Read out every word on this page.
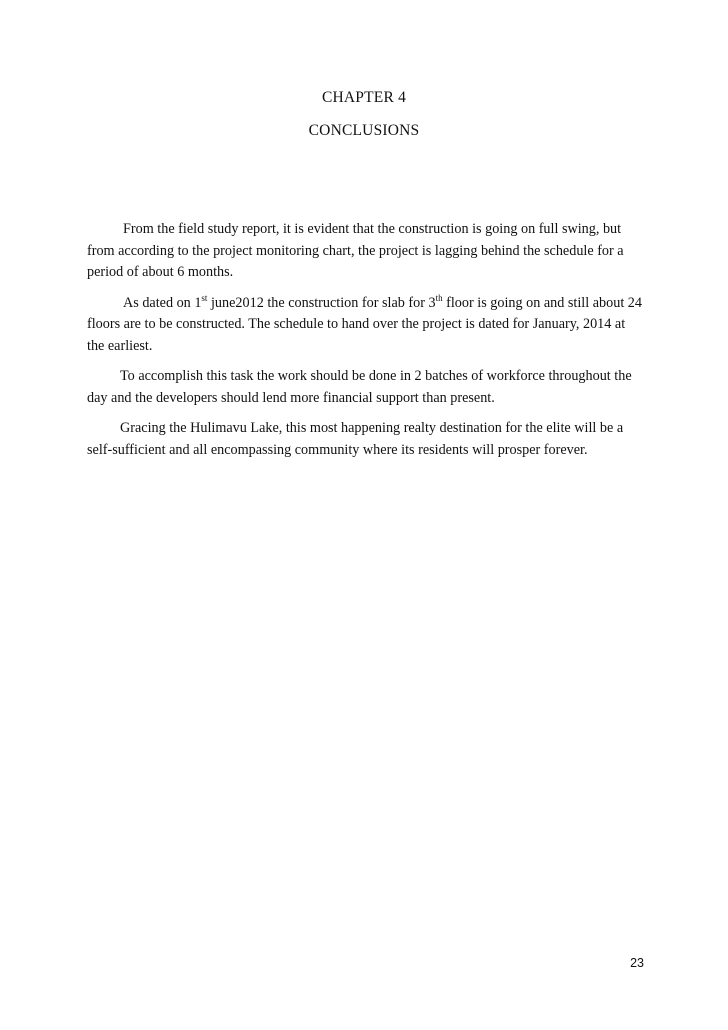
CHAPTER 4
CONCLUSIONS

From the field study report, it is evident that the construction is going on full swing, but from according to the project monitoring chart, the project is lagging behind the schedule for a period of about 6 months.

As dated on 1st june2012 the construction for slab for 3th floor is going on and still about 24 floors are to be constructed. The schedule to hand over the project is dated for January, 2014 at the earliest.

To accomplish this task the work should be done in 2 batches of workforce throughout the day and the developers should lend more financial support than present.

Gracing the Hulimavu Lake, this most happening realty destination for the elite will be a self-sufficient and all encompassing community where its residents will prosper forever.

23
